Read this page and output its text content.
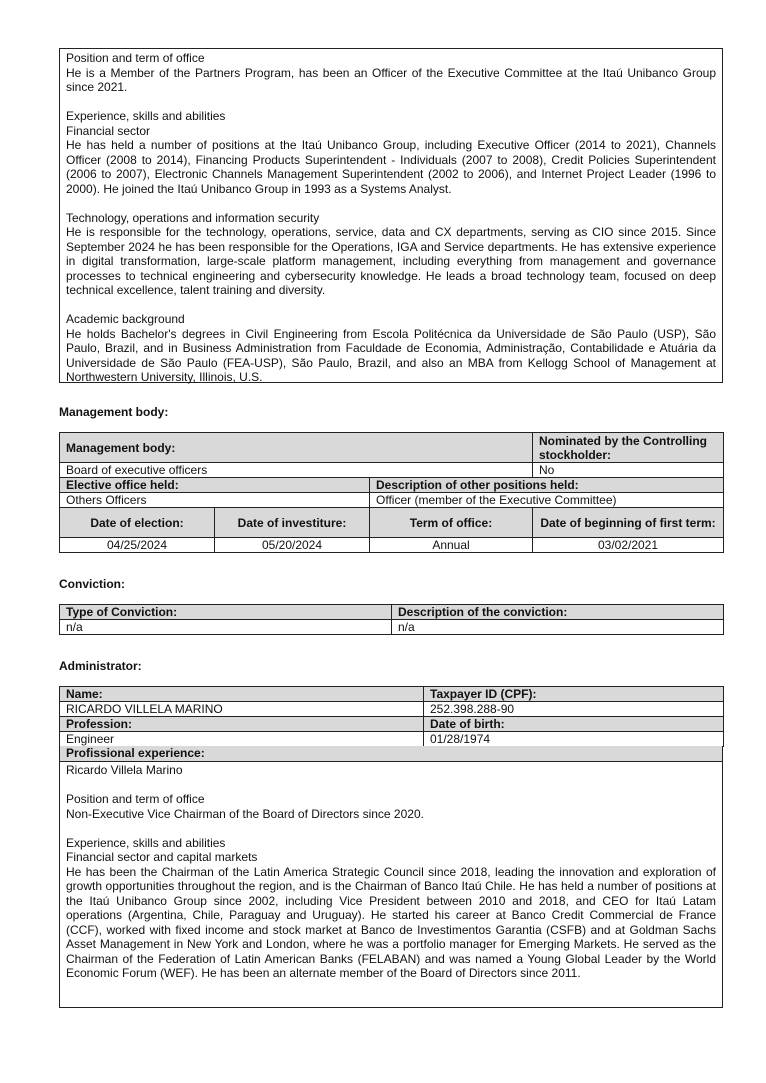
Position and term of office
He is a Member of the Partners Program, has been an Officer of the Executive Committee at the Itaú Unibanco Group since 2021.

Experience, skills and abilities
Financial sector
He has held a number of positions at the Itaú Unibanco Group, including Executive Officer (2014 to 2021), Channels Officer (2008 to 2014), Financing Products Superintendent - Individuals (2007 to 2008), Credit Policies Superintendent (2006 to 2007), Electronic Channels Management Superintendent (2002 to 2006), and Internet Project Leader (1996 to 2000). He joined the Itaú Unibanco Group in 1993 as a Systems Analyst.

Technology, operations and information security
He is responsible for the technology, operations, service, data and CX departments, serving as CIO since 2015. Since September 2024 he has been responsible for the Operations, IGA and Service departments. He has extensive experience in digital transformation, large-scale platform management, including everything from management and governance processes to technical engineering and cybersecurity knowledge. He leads a broad technology team, focused on deep technical excellence, talent training and diversity.

Academic background
He holds Bachelor's degrees in Civil Engineering from Escola Politécnica da Universidade de São Paulo (USP), São Paulo, Brazil, and in Business Administration from Faculdade de Economia, Administração, Contabilidade e Atuária da Universidade de São Paulo (FEA-USP), São Paulo, Brazil, and also an MBA from Kellogg School of Management at Northwestern University, Illinois, U.S.

Management body:
Management body:			Nominated by the Controlling stockholder:
Board of executive officers			No
Elective office held:		Description of other positions held:	
Others Officers		Officer (member of the Executive Committee)	
Date of election:	Date of investiture:	Term of office:	Date of beginning of first term:
04/25/2024	05/20/2024	Annual	03/02/2021
Conviction:
Type of Conviction:	Description of the conviction:
n/a	n/a
Administrator:
Name:	Taxpayer ID (CPF):
RICARDO VILLELA MARINO	252.398.288-90
Profession:	Date of birth:
Engineer	01/28/1974
Profissional experience:

Ricardo Villela Marino

Position and term of office
Non-Executive Vice Chairman of the Board of Directors since 2020.

Experience, skills and abilities
Financial sector and capital markets
He has been the Chairman of the Latin America Strategic Council since 2018, leading the innovation and exploration of growth opportunities throughout the region, and is the Chairman of Banco Itaú Chile. He has held a number of positions at the Itaú Unibanco Group since 2002, including Vice President between 2010 and 2018, and CEO for Itaú Latam operations (Argentina, Chile, Paraguay and Uruguay). He started his career at Banco Credit Commercial de France (CCF), worked with fixed income and stock market at Banco de Investimentos Garantia (CSFB) and at Goldman Sachs Asset Management in New York and London, where he was a portfolio manager for Emerging Markets. He served as the Chairman of the Federation of Latin American Banks (FELABAN) and was named a Young Global Leader by the World Economic Forum (WEF). He has been an alternate member of the Board of Directors since 2011.
